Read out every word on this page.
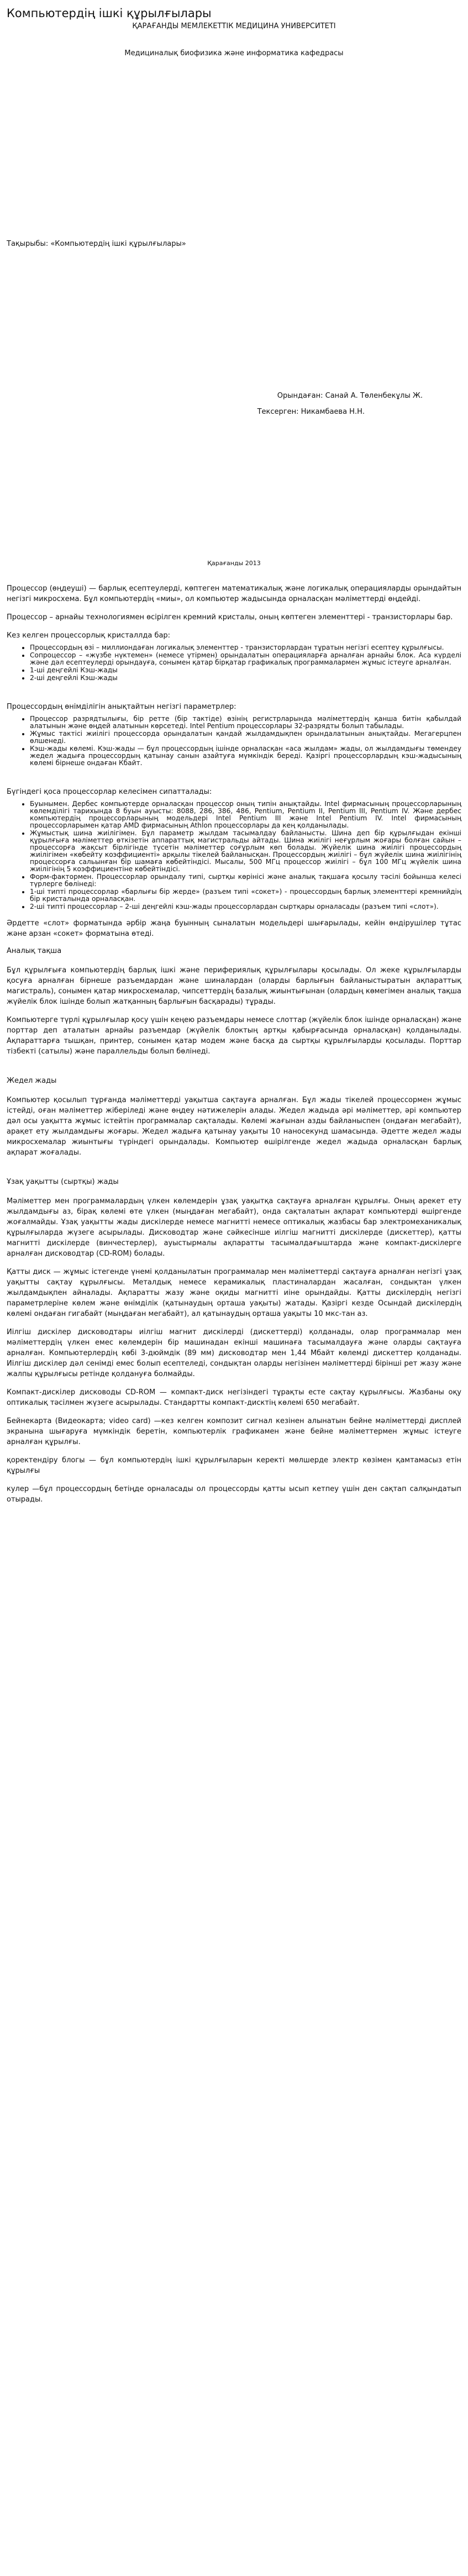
Компьютердің ішкі құрылғылары

ҚАРАҒАНДЫ МЕМЛЕКЕТТІК МЕДИЦИНА УНИВЕРСИТЕТІ

Медициналық биофизика және информатика кафедрасы

Тақырыбы: «Компьютердің ішкі құрылғылары»

Орындаған: Санай А. Төленбекұлы Ж.

Тексерген: Никамбаева Н.Н.

Қарағанды 2013

Процессор (өңдеуші) — барлық есептеулерді, көптеген математикалық және логикалық операцияларды орындайтын негізгі микросхема. Бұл компьютердің «миы», ол компьютер жадысында орналасқан мәліметтерді өңдейді.

Процессор – арнайы технологиямен өсірілген кремний кристалы, оның көптеген элементтері - транзисторлары бар.

Кез келген процессорлық кристаллда бар:

• Процессордың өзі – миллиондаған логикалық элементтер - транзисторлардан тұратын негізгі есептеу құрылғысы.
• Сопроцессор – «жүзбе нүктемен» (немесе үтірмен) орындалатын операцияларға арналған арнайы блок. Аса күрделі және дәл есептеулерді орындауға, сонымен қатар бірқатар графикалық программалармен жұмыс істеуге арналған.
• 1-ші деңгейлі Кэш-жады
• 2-ші деңгейлі Кэш-жады

Процессордың өнімділігін анықтайтын негізгі параметрлер:

• Процессор разрядтылығы, бір ретте (бір тактіде) өзінің регистрларында мәліметтердің қанша битін қабылдай алатынын және өңдей алатынын көрсетеді. Intel Pentium процессорлары 32-разрядты болып табылады.
• Жұмыс тактісі жиілігі процессорда орындалатын қандай жылдамдықпен орындалатынын анықтайды. Мегагерцпен өлшенеді.
• Кэш-жады көлемі. Кэш-жады — бұл процессордың ішінде орналасқан «аса жылдам» жады, ол жылдамдығы төмендеу жедел жадыға процессордың қатынау санын азайтуға мүмкіндік береді. Қазіргі процессорлардың кэш-жадысының көлемі бірнеше ондаған Кбайт.

Бүгіндегі қоса процессорлар келесімен сипатталады:

• Буынымен. Дербес компьютерде орналасқан процессор оның типін анықтайды. Intel фирмасының процессорларының көлемділігі тарихында 8 буын ауысты: 8088, 286, 386, 486, Pentium, Pentium II, Pentium III, Pentium IV. Және дербес компьютердің процессорларының модельдері Intel Pentium III және Intel Pentium IV. Intel фирмасының процессорларымен қатар AMD фирмасының Athlon процессорлары да кең қолданылады.
• Жұмыстық шина жиілігімен. Бұл параметр жылдам тасымалдау байланысты. Шина деп бір құрылғыдан екінші құрылғыға мәліметтер өткізетін аппараттық магистральды айтады. Шина жиілігі неғұрлым жоғары болған сайын – процессорға жақсыт бірлігінде түсетін мәліметтер соғұрлым көп болады. Жүйелік шина жиілігі процессордың жиілігімен «көбейту коэффициенті» арқылы тікелей байланысқан. Процессордың жиілігі – бұл жүйелік шина жиілігінің процессорға сальынған бір шамаға көбейтіндісі. Мысалы, 500 МГц процессор жиілігі – бұл 100 МГц жүйелік шина жиілігінің 5 коэффициентіне көбейтіндісі.
• Форм-фактормен. Процессорлар орындалу типі, сыртқы көрінісі және аналық тақшаға қосылу тәсілі бойынша келесі түрлерге бөлінеді:
• 1-ші типті процессорлар «барлығы бір жерде» (разъем типі «сокет») - процессордың барлық элементтері кремнийдің бір кристалында орналасқан.
• 2-ші типті процессорлар – 2-ші деңгейлі кэш-жады процессорлардан сыртқары орналасады (разъем типі «слот»).

Әрдетте «слот» форматында әрбір жаңа буынның сыналатын модельдері шығарылады, кейін өндірушілер тұтас және арзан «сокет» форматына өтеді.

Аналық тақша

Бұл құрылғыға компьютердің барлық ішкі және перифериялық құрылғылары қосылады. Ол жеке құрылғыларды қосуға арналған бірнеше разъемдардан және шиналардан (оларды барлығын байланыстыратын ақпараттық магистраль), сонымен қатар микросхемалар, чипсеттердің базалық жиынтығынан (олардың көмегімен аналық тақша жүйелік блок ішінде болып жатқанның барлығын басқарады) тұрады.

Компьютерге түрлі құрылғылар қосу үшін кеңею разъемдары немесе слоттар (жүйелік блок ішінде орналасқан) және порттар деп аталатын арнайы разъемдар (жүйелік блоктың артқы қабырғасында орналасқан) қолданылады. Ақпараттарға тышқан, принтер, сонымен қатар модем және басқа да сыртқы құрылғыларды қосылады. Порттар тізбекті (сатылы) және параллельды болып бөлінеді.

Жедел жады

Компьютер қосылып тұрғанда мәліметтерді уақытша сақтауға арналған. Бұл жады тікелей процессормен жұмыс істейді, оған мәліметтер жіберіледі және өңдеу нәтижелерін алады. Жедел жадыда әрі мәліметтер, әрі компьютер дәл осы уақытта жұмыс істейтін программалар сақталады. Көлемі жағынан азды байланыспен (ондаған мегабайт), арақет ету жылдамдығы жоғары. Жедел жадыға қатынау уақыты 10 наносекунд шамасында. Әдетте жедел жады микросхемалар жиынтығы түріндегі орындалады. Компьютер өшірілгенде жедел жадыда орналасқан барлық ақпарат жоғалады.

Ұзақ уақытты (сыртқы) жады

Мәліметтер мен программалардың үлкен көлемдерін ұзақ уақытқа сақтауға арналған құрылғы. Оның арекет ету жылдамдығы аз, бірақ көлемі өте үлкен (мыңдаған мегабайт), онда сақталатын ақпарат компьютерді өшіргенде жоғалмайды. Ұзақ уақытты жады дискілерде немесе магнитті немесе оптикалық жазбасы бар электромеханикалық құрылғыларда жүзеге асырылады. Дисководтар және сәйкесінше иілгіш магнитті дискілерде (дискеттер), қатты магнитті дискілерде (винчестерлер), ауыстырмалы ақпаратты тасымалдағыштарда және компакт-дискілерге арналған дисководтар (CD-ROM) болады.

Қатты диск — жұмыс істегенде үнемі қолданылатын программалар мен мәліметтерді сақтауға арналған негізгі ұзақ уақытты сақтау құрылғысы. Металдық немесе керамикалық пластиналардан жасалған, сондықтан үлкен жылдамдықпен айналады. Ақпаратты жазу және оқиды магнитті иіне орындайды. Қатты дискілердің негізгі параметрлеріне көлем және өнімділік (қатынаудың орташа уақыты) жатады. Қазіргі кезде Осындай дискілердің көлемі ондаған гигабайт (мыңдаған мегабайт), ал қатынаудың орташа уақыты 10 мкс-тан аз.

Иілгіш дискілер дисководтары иілгіш магнит дискілерді (дискеттерді) қолданады, олар программалар мен мәліметтердің үлкен емес көлемдерін бір машинадан екінші машинаға тасымалдауға және оларды сақтауға арналған. Компьютерлердің көбі 3-дюймдік (89 мм) дисководтар мен 1,44 Мбайт көлемді дискеттер қолданады. Иілгіш дискілер дәл сенімді емес болып есептеледі, сондықтан оларды негізінен мәліметтерді бірінші рет жазу және жалпы құрылғысы ретінде қолдануға болмайды.

Компакт-дискілер дисководы CD-ROM — компакт-диск негізіндегі тұрақты есте сақтау құрылғысы. Жазбаны оқу оптикалық тәсілмен жүзеге асырылады. Стандартты компакт-дисктің көлемі 650 мегабайт.

Бейнекарта (Видеокарта; video card) —кез келген композит сигнал кезінен алынатын бейне мәліметтерді дисплей экранына шығаруға мүмкіндік беретін, компьютерлік графикамен және бейне мәліметтермен жұмыс істеуге арналған құрылғы.

қоректендіру блогы — бұл компьютердің ішкі құрылғыларын керекті мөлшерде электр көзімен қамтамасыз етін құрылғы

кулер —бұл процессордың бетіңде орналасады ол процессорды қатты ысып кетпеу үшін ден сақтап салқындатып отырады.
